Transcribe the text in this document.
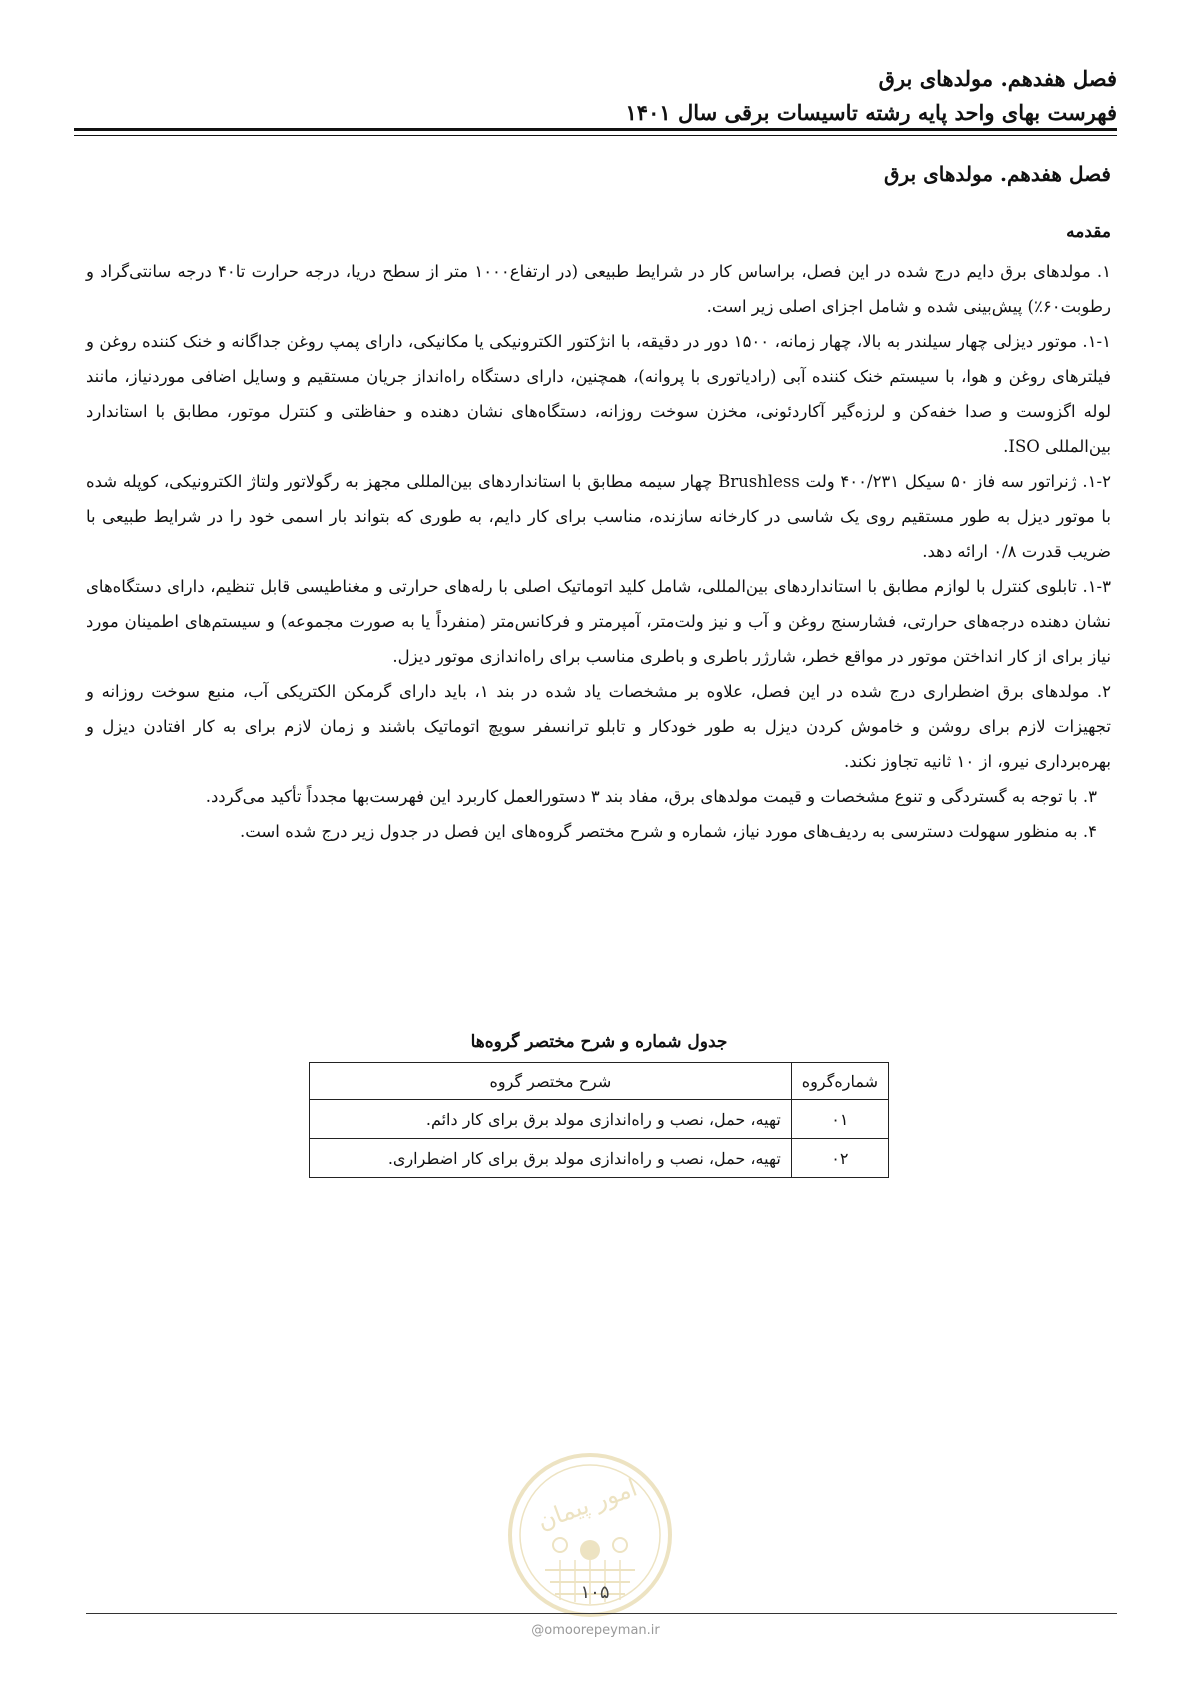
فصل هفدهم. مولدهای برق
فهرست بهای واحد پایه رشته تاسیسات برقی سال ۱۴۰۱
فصل هفدهم. مولدهای برق
مقدمه

۱. مولدهای برق دایم درج شده در این فصل، براساس کار در شرایط طبیعی (در ارتفاع۱۰۰۰ متر از سطح دریا، درجه حرارت تا۴۰ درجه سانتی‌گراد و رطوبت۶۰٪) پیش‌بینی شده و شامل اجزای اصلی زیر است.

۱-۱. موتور دیزلی چهار سیلندر به بالا، چهار زمانه، ۱۵۰۰ دور در دقیقه، با انژکتور الکترونیکی یا مکانیکی، دارای پمپ روغن جداگانه و خنک کننده روغن و فیلترهای روغن و هوا، با سیستم خنک کننده آبی (رادیاتوری با پروانه)، همچنین، دارای دستگاه راه‌انداز جریان مستقیم و وسایل اضافی موردنیاز، مانند لوله اگزوست و صدا خفه‌کن و لرزه‌گیر آکاردئونی، مخزن سوخت روزانه، دستگاه‌های نشان دهنده و حفاظتی و کنترل موتور، مطابق با استاندارد بین‌المللی ISO.

۱-۲. ژنراتور سه فاز ۵۰ سیکل ۴۰۰/۲۳۱ ولت Brushless چهار سیمه مطابق با استانداردهای بین‌المللی مجهز به رگولاتور ولتاژ الکترونیکی، کوپله شده با موتور دیزل به طور مستقیم روی یک شاسی در کارخانه سازنده، مناسب برای کار دایم، به طوری که بتواند بار اسمی خود را در شرایط طبیعی با ضریب قدرت ۰/۸ ارائه دهد.

۱-۳. تابلوی کنترل با لوازم مطابق با استانداردهای بین‌المللی، شامل کلید اتوماتیک اصلی با رله‌های حرارتی و مغناطیسی قابل تنظیم، دارای دستگاه‌های نشان دهنده درجه‌های حرارتی، فشارسنج روغن و آب و نیز ولت‌متر، آمپرمتر و فرکانس‌متر (منفرداً یا به صورت مجموعه) و سیستم‌های اطمینان مورد نیاز برای از کار انداختن موتور در مواقع خطر، شارژر باطری و باطری مناسب برای راه‌اندازی موتور دیزل.

۲. مولدهای برق اضطراری درج شده در این فصل، علاوه بر مشخصات یاد شده در بند ۱، باید دارای گرمکن الکتریکی آب، منبع سوخت روزانه و تجهیزات لازم برای روشن و خاموش کردن دیزل به طور خودکار و تابلو ترانسفر سویچ اتوماتیک باشند و زمان لازم برای به کار افتادن دیزل و بهره‌برداری نیرو، از ۱۰ ثانیه تجاوز نکند.

۳. با توجه به گستردگی و تنوع مشخصات و قیمت مولدهای برق، مفاد بند ۳ دستورالعمل کاربرد این فهرست‌بها مجدداً تأکید می‌گردد.

۴. به منظور سهولت دسترسی به ردیف‌های مورد نیاز، شماره و شرح مختصر گروه‌های این فصل در جدول زیر درج شده است.

جدول شماره و شرح مختصر گروه‌ها
شماره‌گروه	شرح مختصر گروه
۰۱	تهیه، حمل، نصب و راه‌اندازی مولد برق برای کار دائم.
۰۲	تهیه، حمل، نصب و راه‌اندازی مولد برق برای کار اضطراری.
امور پیمان
۱۰۵
@omoorepeyman.ir
